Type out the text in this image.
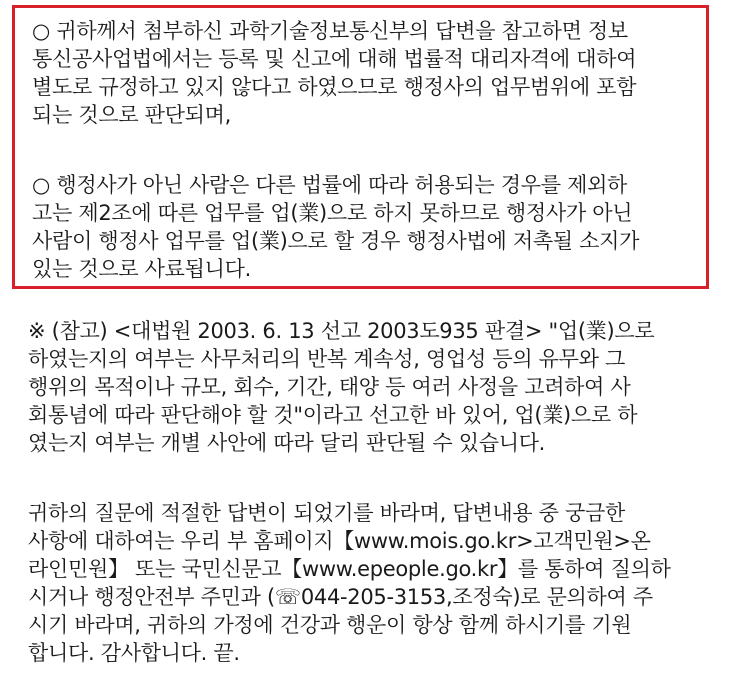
○ 귀하께서 첨부하신 과학기술정보통신부의 답변을 참고하면 정보
통신공사업법에서는 등록 및 신고에 대해 법률적 대리자격에 대하여
별도로 규정하고 있지 않다고 하였으므로 행정사의 업무범위에 포함
되는 것으로 판단되며,

○ 행정사가 아닌 사람은 다른 법률에 따라 허용되는 경우를 제외하
고는 제2조에 따른 업무를 업(業)으로 하지 못하므로 행정사가 아닌
사람이 행정사 업무를 업(業)으로 할 경우 행정사법에 저촉될 소지가
있는 것으로 사료됩니다.

※ (참고) <대법원 2003. 6. 13 선고 2003도935 판결> "업(業)으로
하였는지의 여부는 사무처리의 반복 계속성, 영업성 등의 유무와 그
행위의 목적이나 규모, 회수, 기간, 태양 등 여러 사정을 고려하여 사
회통념에 따라 판단해야 할 것"이라고 선고한 바 있어, 업(業)으로 하
였는지 여부는 개별 사안에 따라 달리 판단될 수 있습니다.

귀하의 질문에 적절한 답변이 되었기를 바라며, 답변내용 중 궁금한
사항에 대하여는 우리 부 홈페이지【www.mois.go.kr>고객민원>온
라인민원】 또는 국민신문고【www.epeople.go.kr】를 통하여 질의하
시거나 행정안전부 주민과 (☏044-205-3153,조정숙)로 문의하여 주
시기 바라며, 귀하의 가정에 건강과 행운이 항상 함께 하시기를 기원
합니다. 감사합니다. 끝.
